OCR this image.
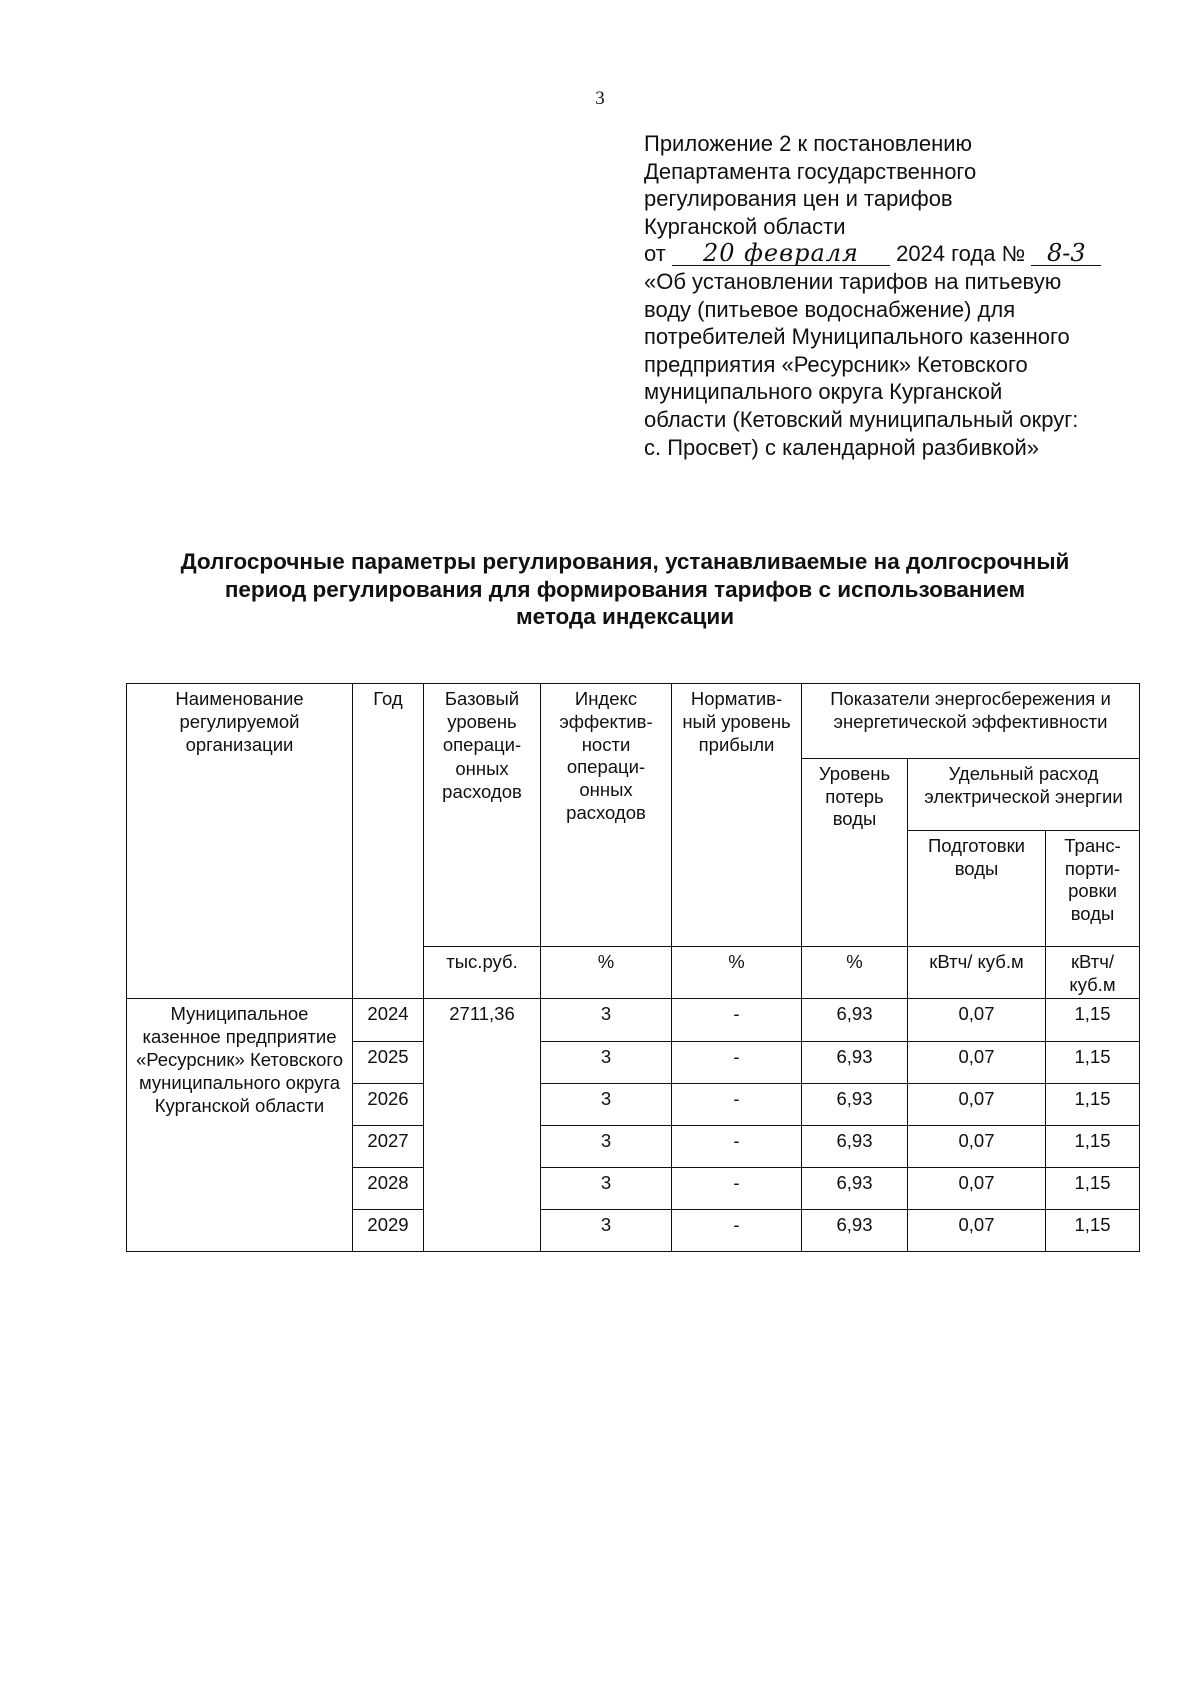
3
Приложение 2 к постановлению
Департамента государственного
регулирования цен и тарифов
Курганской области
от 20 февраля 2024 года № 8-3
«Об установлении тарифов на питьевую
воду (питьевое водоснабжение) для
потребителей Муниципального казенного
предприятия «Ресурсник» Кетовского
муниципального округа Курганской
области (Кетовский муниципальный округ:
с. Просвет) с календарной разбивкой»
Долгосрочные параметры регулирования, устанавливаемые на долгосрочный
период регулирования для формирования тарифов с использованием
метода индексации
Наименование регулируемой организации	Год	Базовый уровень операци-	Индекс эффектив-ности операци-онных расходов	Норматив-ный уровень прибыли	Показатели энергосбережения и энергетической эффективности		
		онных расходов			Уровень потерь воды	Удельный расход электрической энергии	
						Подготовки воды	Транс-порти-ровки воды
		тыс.руб.	%	%	%	кВтч/ куб.м	кВтч/ куб.м
Муниципальное казенное предприятие «Ресурсник» Кетовского муниципального округа Курганской области	2024	2711,36	3	-	6,93	0,07	1,15
	2025		3	-	6,93	0,07	1,15
	2026		3	-	6,93	0,07	1,15
	2027		3	-	6,93	0,07	1,15
	2028		3	-	6,93	0,07	1,15
	2029		3	-	6,93	0,07	1,15
